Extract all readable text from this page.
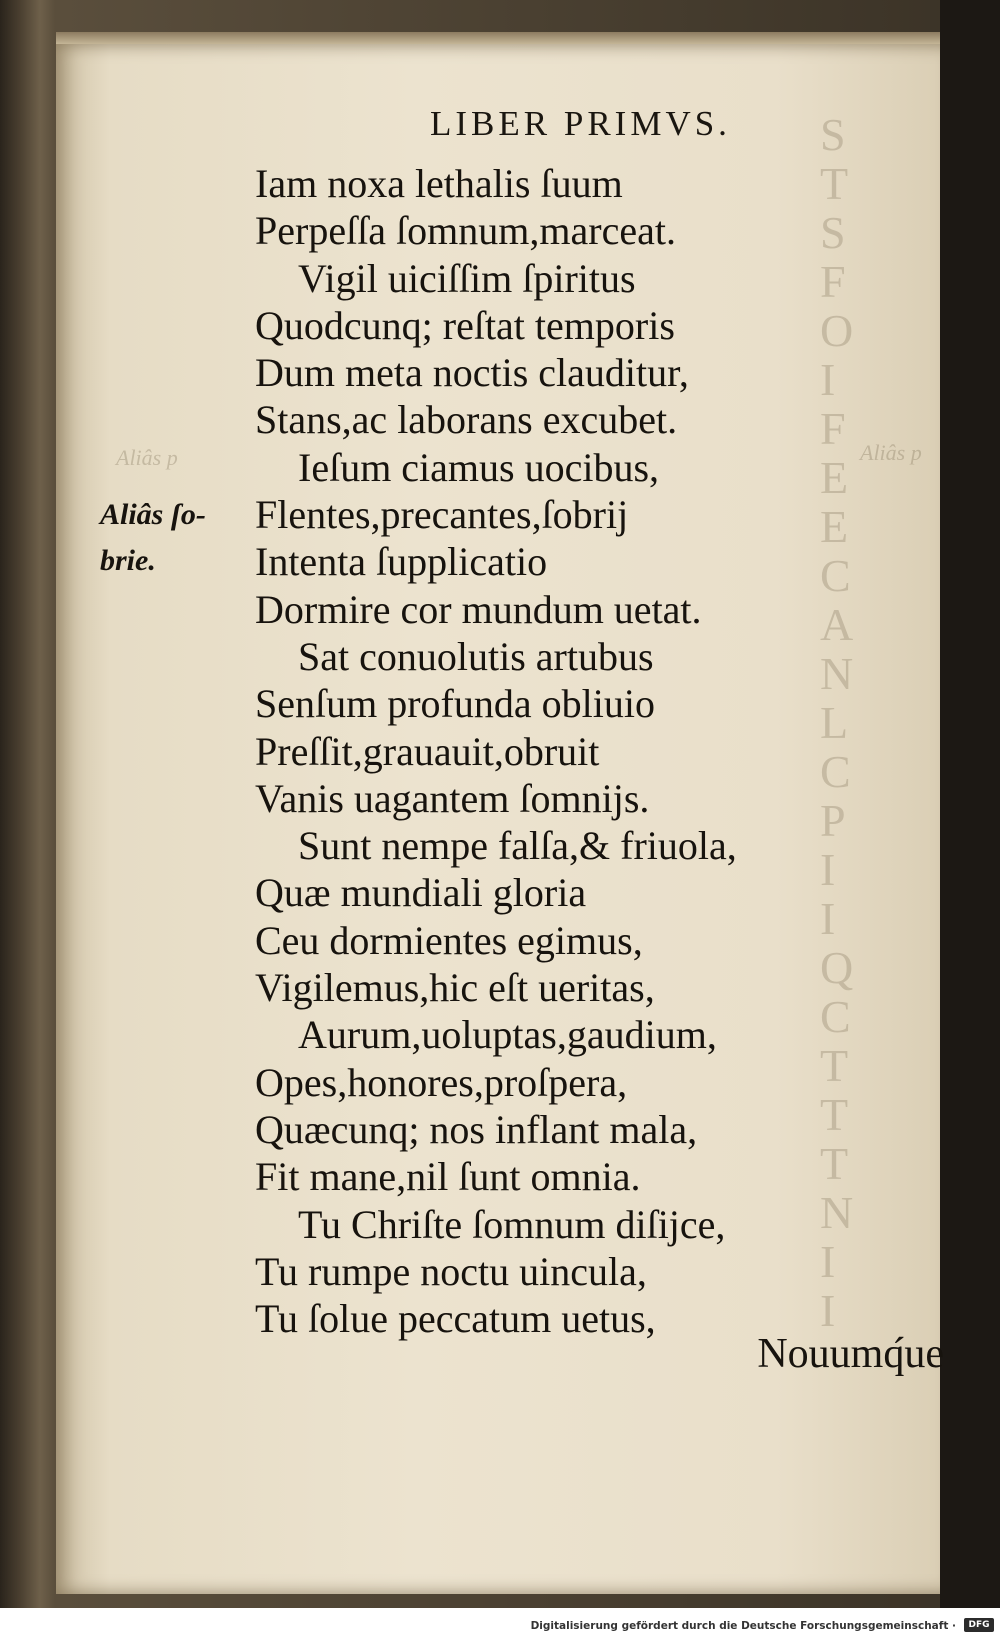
S
T
S
F
O
I
F
E
E
C
A
N
L
C
P
I
I
Q
C
T
T
T
N
I
I
Aliâs p	Aliâs p
LIBER PRIMVS.
Aliâs ſo-
brie.
Iam noxa lethalis ſuum
Perpeſſa ſomnum,marceat.
Vigil uiciſſim ſpiritus
Quodcunq; reſtat temporis
Dum meta noctis clauditur,
Stans,ac laborans excubet.
Ieſum ciamus uocibus,
Flentes,precantes,ſobrij
Intenta ſupplicatio
Dormire cor mundum uetat.
Sat conuolutis artubus
Senſum profunda obliuio
Preſſit,grauauit,obruit
Vanis uagantem ſomnijs.
Sunt nempe falſa,& friuola,
Quæ mundiali gloria
Ceu dormientes egimus,
Vigilemus,hic eſt ueritas,
Aurum,uoluptas,gaudium,
Opes,honores,proſpera,
Quæcunq; nos inflant mala,
Fit mane,nil ſunt omnia.
Tu Chriſte ſomnum diſijce,
Tu rumpe noctu uincula,
Tu ſolue peccatum uetus,
Nouumq́ue
Digitalisierung gefördert durch die Deutsche Forschungsgemeinschaft ·	DFG
